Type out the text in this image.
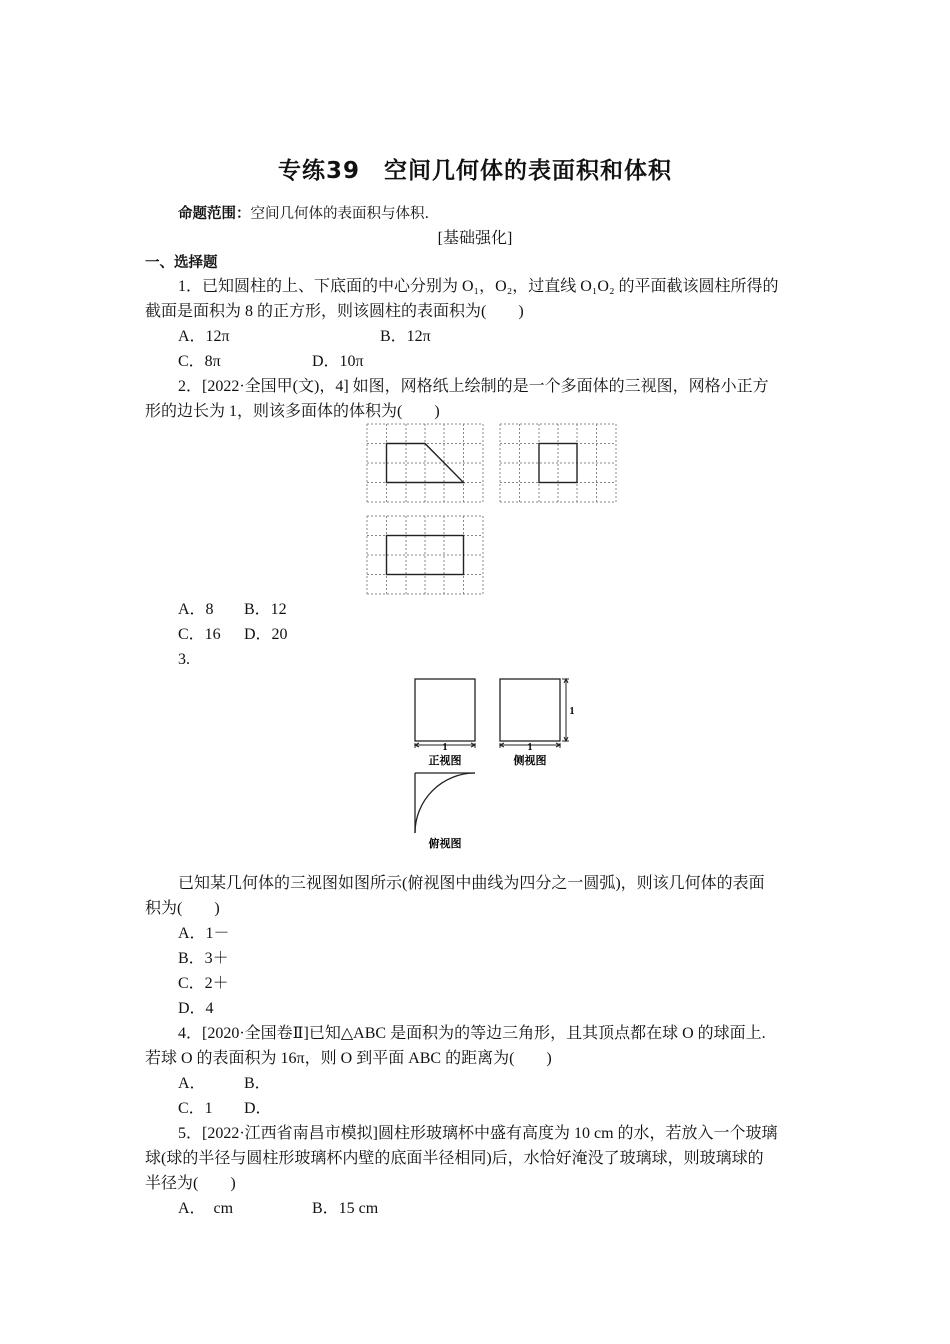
专练39　空间几何体的表面积和体积
命题范围：空间几何体的表面积与体积.
[基础强化]
一、选择题
1．已知圆柱的上、下底面的中心分别为 O₁，O₂，过直线 O₁O₂ 的平面截该圆柱所得的
截面是面积为 8 的正方形，则该圆柱的表面积为(　　)
A．12π	B．12π
C．8π	D．10π
2．[2022·全国甲(文)，4] 如图，网格纸上绘制的是一个多面体的三视图，网格小正方
形的边长为 1，则该多面体的体积为(　　)
A．8 B．12
C．16 D．20
3.
1
正视图
1
1
侧视图
俯视图
已知某几何体的三视图如图所示(俯视图中曲线为四分之一圆弧)，则该几何体的表面
积为(　　)
A．1－
B．3＋
C．2＋
D．4
4．[2020·全国卷Ⅱ]已知△ABC 是面积为的等边三角形，且其顶点都在球 O 的球面上.
若球 O 的表面积为 16π，则 O 到平面 ABC 的距离为(　　)
A． B．
C．1 D．
5．[2022·江西省南昌市模拟]圆柱形玻璃杯中盛有高度为 10 cm 的水，若放入一个玻璃
球(球的半径与圆柱形玻璃杯内壁的底面半径相同)后，水恰好淹没了玻璃球，则玻璃球的
半径为(　　)
A．　cm	B．15 cm
